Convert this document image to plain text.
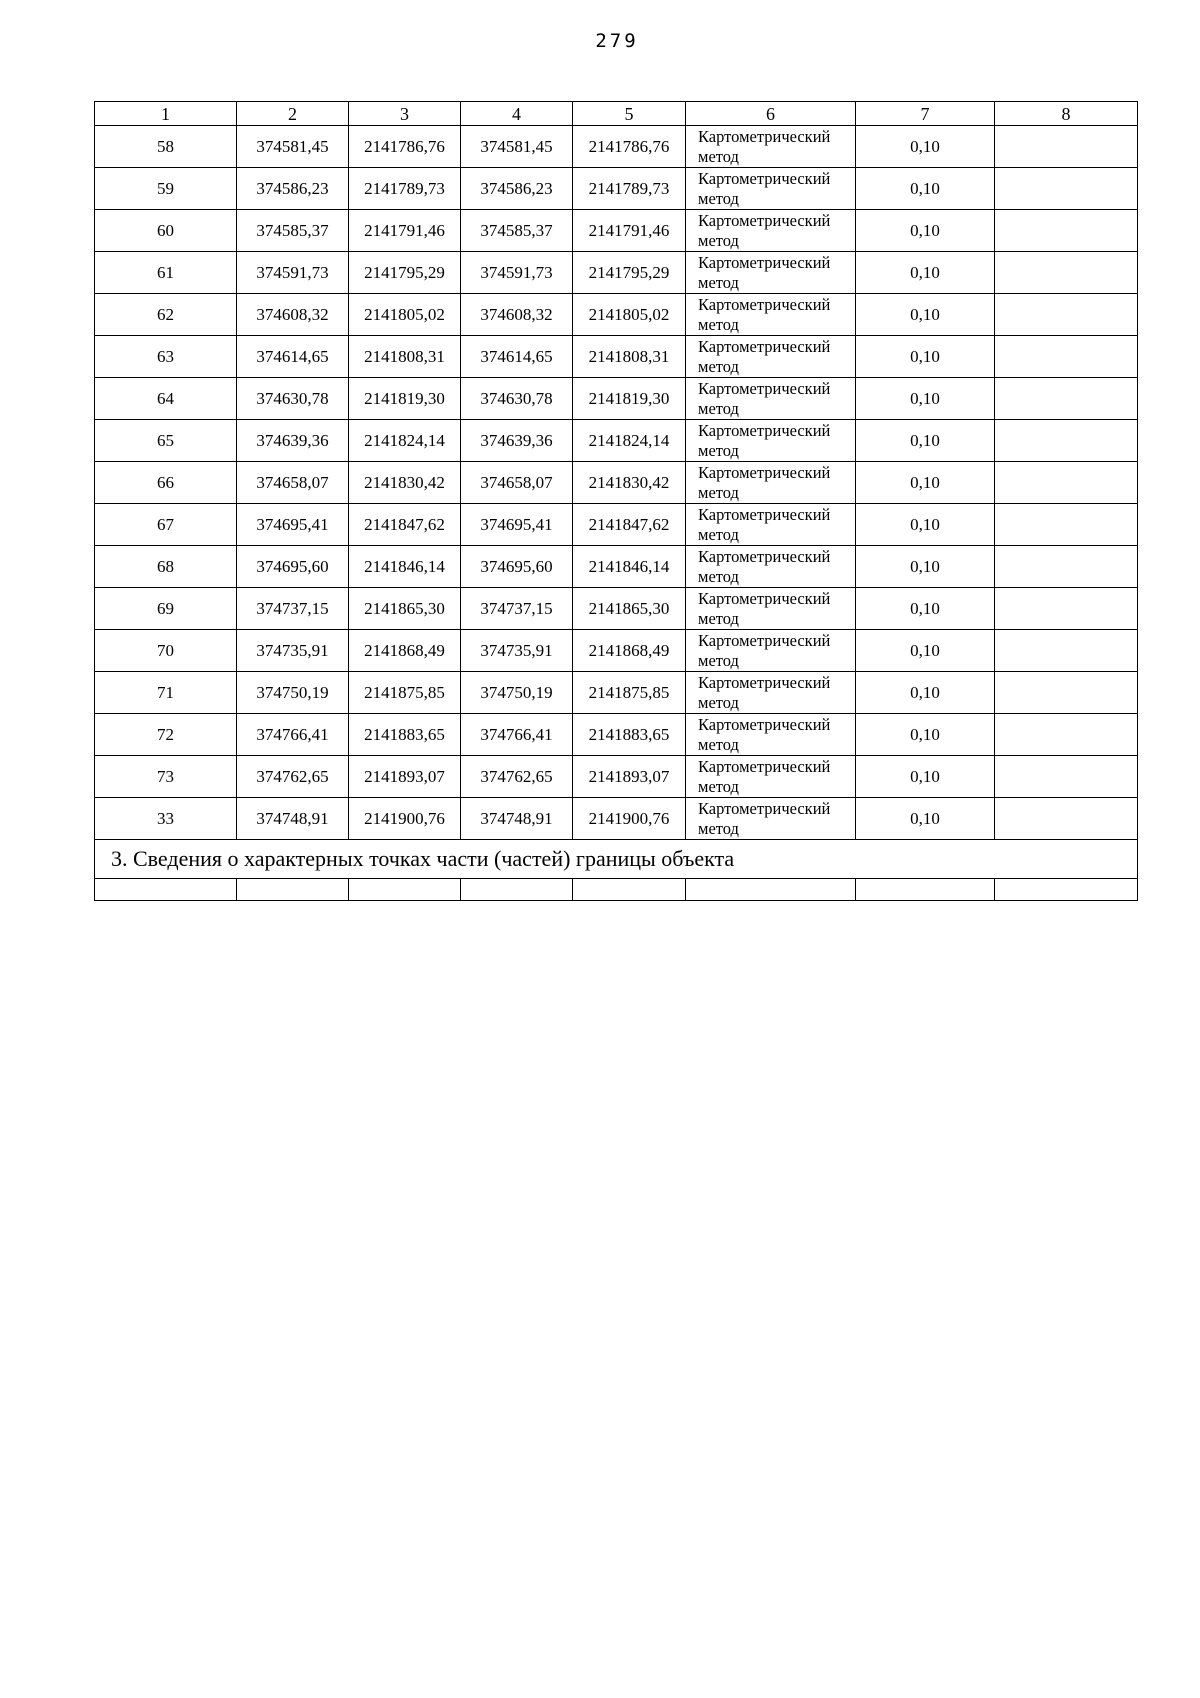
279
1	2	3	4	5	6	7	8
58	374581,45	2141786,76	374581,45	2141786,76	Картометрический метод	0,10	
59	374586,23	2141789,73	374586,23	2141789,73	Картометрический метод	0,10	
60	374585,37	2141791,46	374585,37	2141791,46	Картометрический метод	0,10	
61	374591,73	2141795,29	374591,73	2141795,29	Картометрический метод	0,10	
62	374608,32	2141805,02	374608,32	2141805,02	Картометрический метод	0,10	
63	374614,65	2141808,31	374614,65	2141808,31	Картометрический метод	0,10	
64	374630,78	2141819,30	374630,78	2141819,30	Картометрический метод	0,10	
65	374639,36	2141824,14	374639,36	2141824,14	Картометрический метод	0,10	
66	374658,07	2141830,42	374658,07	2141830,42	Картометрический метод	0,10	
67	374695,41	2141847,62	374695,41	2141847,62	Картометрический метод	0,10	
68	374695,60	2141846,14	374695,60	2141846,14	Картометрический метод	0,10	
69	374737,15	2141865,30	374737,15	2141865,30	Картометрический метод	0,10	
70	374735,91	2141868,49	374735,91	2141868,49	Картометрический метод	0,10	
71	374750,19	2141875,85	374750,19	2141875,85	Картометрический метод	0,10	
72	374766,41	2141883,65	374766,41	2141883,65	Картометрический метод	0,10	
73	374762,65	2141893,07	374762,65	2141893,07	Картометрический метод	0,10	
33	374748,91	2141900,76	374748,91	2141900,76	Картометрический метод	0,10	
3. Сведения о характерных точках части (частей) границы объекта							
